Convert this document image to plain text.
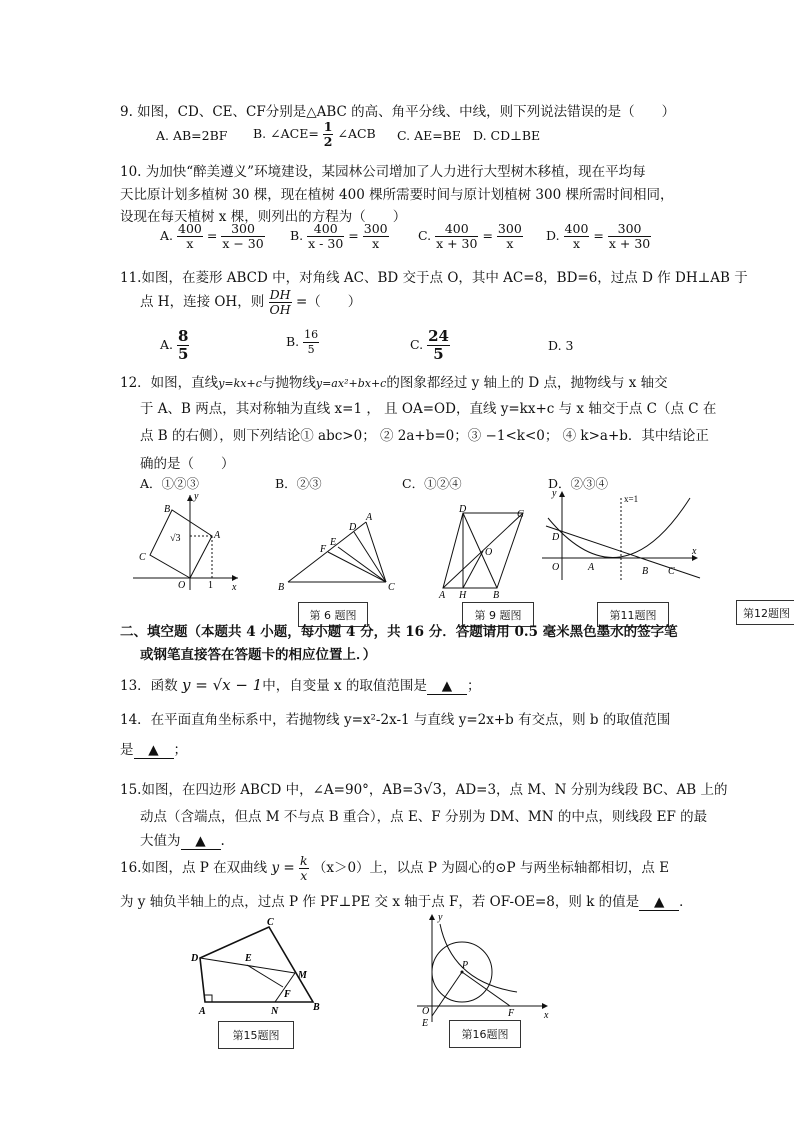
9. 如图，CD、CE、CF分别是△ABC 的高、角平分线、中线，则下列说法错误的是（　　）
A. AB=2BF B. ∠ACE= $\frac{1}{2}$ ∠ACB C. AE=BE D. CD⊥BE
10. 为加快“醉美遵义”环境建设，某园林公司增加了人力进行大型树木移植，现在平均每
天比原计划多植树 30 棵，现在植树 400 棵所需要时间与原计划植树 300 棵所需时间相同，
设现在每天植树 x 棵，则列出的方程为（　　）
A. $\frac{400}{x} = \frac{300}{x - 30} B$. $\frac{400}{x - 30} = \frac{300}{x} C$. $\frac{400}{x + 30} = \frac{300}{x} D$. $\frac{400}{x} = \frac{300}{x + 30}$
11.如图，在菱形 ABCD 中，对角线 AC、BD 交于点 O，其中 AC=8，BD=6，过点 D 作 DH⊥AB 于
点 H，连接 OH，则 $\frac{DH}{OH}$ =（　　）
A. $\frac{8}{5}$	B. $\frac{16}{5}$	C. $\frac{24}{5}$	D. 3
12．如图，直线y=kx+c与抛物线y=ax²+bx+c的图象都经过 y 轴上的 D 点，抛物线与 x 轴交
于 A、B 两点，其对称轴为直线 x=1 ， 且 OA=OD，直线 y=kx+c 与 x 轴交于点 C（点 C 在
点 B 的右侧），则下列结论① abc>0； ② 2a+b=0；③ −1<k<0； ④ k>a+b．其中结论正
确的是（　　）
A．①②③	B．②③	C．①②④	D．②③④
B
A
C
O 1 x
y
√3
A
D
E
F
B	C
D	C
O
A H	B
y
x
D
O	A	B C
x=1
第 6 题图	第 9 题图	第11题图	第12题图
二、填空题（本题共 4 小题，每小题 4 分，共 16 分．答题请用 0.5 毫米黑色墨水的签字笔
或钢笔直接答在答题卡的相应位置上．）
13．函数 y = √x − 1中，自变量 x 的取值范围是 ▲ ；
14．在平面直角坐标系中，若抛物线 y=x²-2x-1 与直线 y=2x+b 有交点，则 b 的取值范围
是 ▲ ；
15.如图，在四边形 ABCD 中，∠A=90°，AB=3√3，AD=3，点 M、N 分别为线段 BC、AB 上的
动点（含端点，但点 M 不与点 B 重合），点 E、F 分别为 DM、MN 的中点，则线段 EF 的最
大值为 ▲ .
16.如图，点 P 在双曲线 $y = \frac{k}{x} (x>0)$上，以点 P 为圆心的⊙P 与两坐标轴都相切，点 E
为 y 轴负半轴上的点，过点 P 作 PF⊥PE 交 x 轴于点 F，若 OF-OE=8，则 k 的值是 ▲ ．
C
D	E
M
F
A	N	B
第15题图
y
P
O
E
F	x
第16题图
